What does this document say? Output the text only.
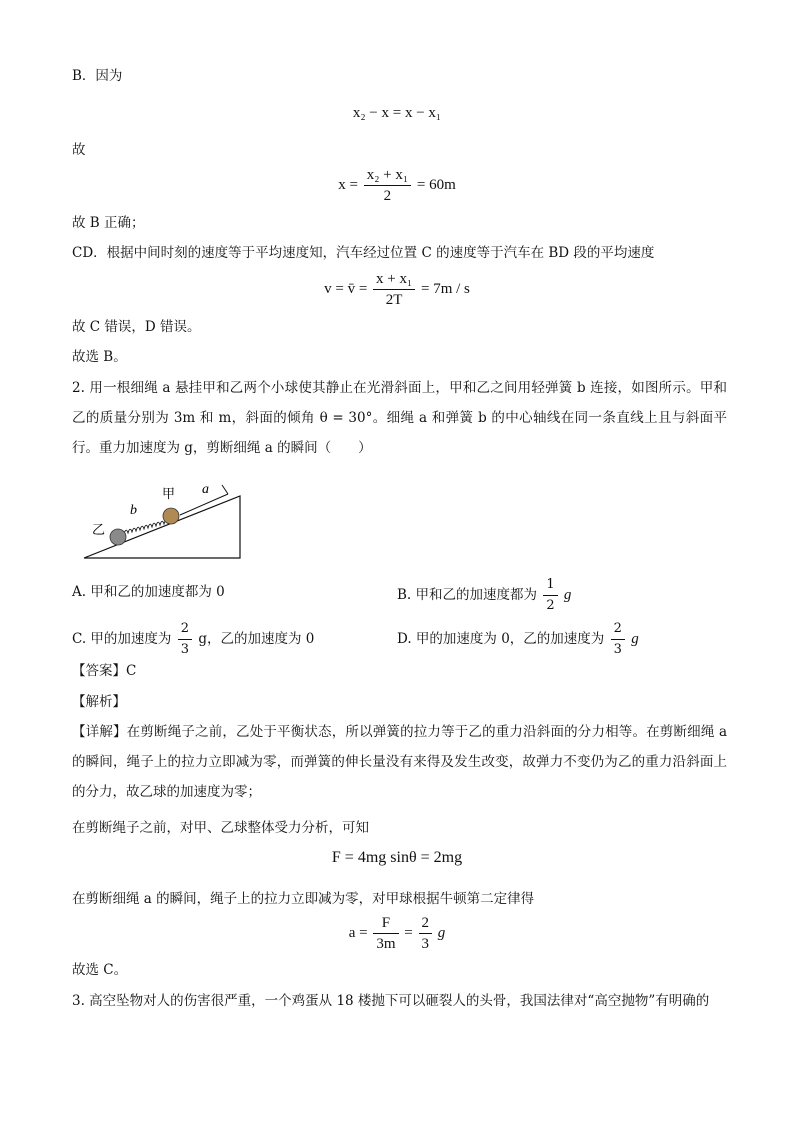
B．因为
x₂ − x = x − x₁
故
$x = \frac{\text{x₂ + x₁}}{2} = 60m$
故 B 正确；
CD．根据中间时刻的速度等于平均速度知，汽车经过位置 C 的速度等于汽车在 BD 段的平均速度
v = v̄ = $\frac{\text{x + x₁}}{2T} = 7m / s$
故 C 错误，D 错误。
故选 B。
2. 用一根细绳 a 悬挂甲和乙两个小球使其静止在光滑斜面上，甲和乙之间用轻弹簧 b 连接，如图所示。甲和乙的质量分别为 3m 和 m，斜面的倾角 θ = 30°。细绳 a 和弹簧 b 的中心轴线在同一条直线上且与斜面平行。重力加速度为 g，剪断细绳 a 的瞬间（　　）
a
b
甲
乙
A. 甲和乙的加速度都为 0	B. 甲和乙的加速度都为 $\frac{1}{2}$ g
C. 甲的加速度为 $\frac{2}{3}$ g，乙的加速度为 0	D. 甲的加速度为 0，乙的加速度为 $\frac{2}{3}$ g
【答案】C
【解析】
【详解】在剪断绳子之前，乙处于平衡状态，所以弹簧的拉力等于乙的重力沿斜面的分力相等。在剪断细绳 a 的瞬间，绳子上的拉力立即减为零，而弹簧的伸长量没有来得及发生改变，故弹力不变仍为乙的重力沿斜面上的分力，故乙球的加速度为零；
在剪断绳子之前，对甲、乙球整体受力分析，可知
F = 4mg sinθ = 2mg
在剪断细绳 a 的瞬间，绳子上的拉力立即减为零，对甲球根据牛顿第二定律得
$a = \frac{F}{3m} = \frac{2}{3}$ g
故选 C。
3. 高空坠物对人的伤害很严重，一个鸡蛋从 18 楼抛下可以砸裂人的头骨，我国法律对“高空抛物”有明确的
